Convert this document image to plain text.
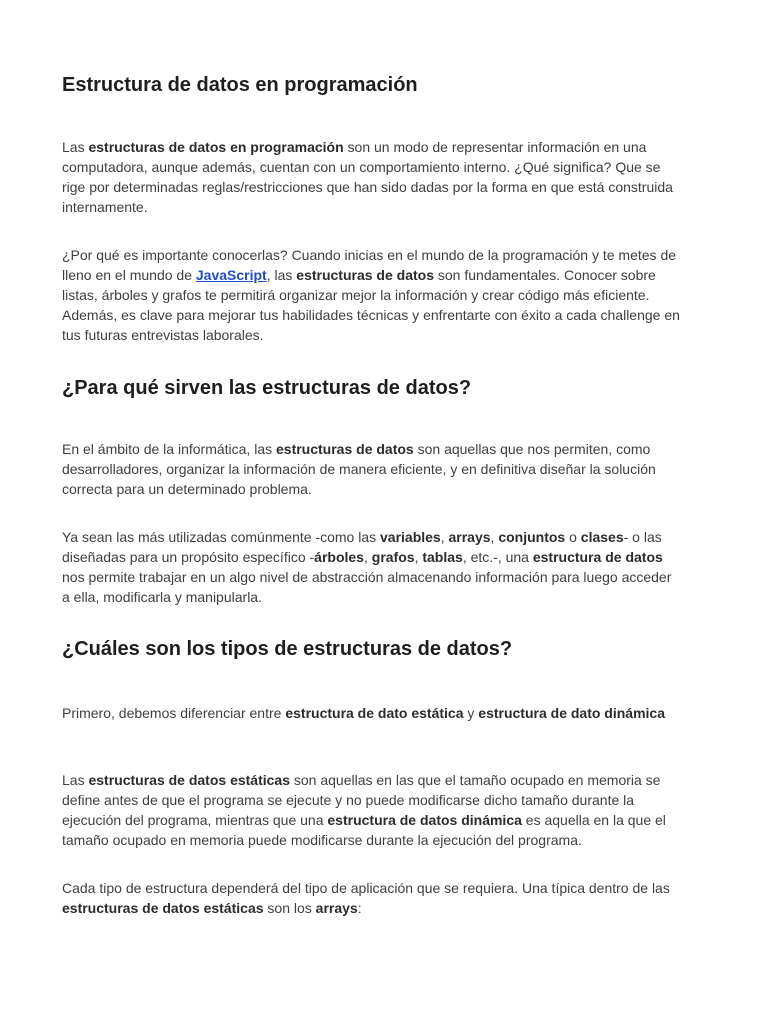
Estructura de datos en programación

Las estructuras de datos en programación son un modo de representar información en una computadora, aunque además, cuentan con un comportamiento interno. ¿Qué significa? Que se rige por determinadas reglas/restricciones que han sido dadas por la forma en que está construida internamente.

¿Por qué es importante conocerlas? Cuando inicias en el mundo de la programación y te metes de lleno en el mundo de JavaScript, las estructuras de datos son fundamentales. Conocer sobre listas, árboles y grafos te permitirá organizar mejor la información y crear código más eficiente. Además, es clave para mejorar tus habilidades técnicas y enfrentarte con éxito a cada challenge en tus futuras entrevistas laborales.

¿Para qué sirven las estructuras de datos?

En el ámbito de la informática, las estructuras de datos son aquellas que nos permiten, como desarrolladores, organizar la información de manera eficiente, y en definitiva diseñar la solución correcta para un determinado problema.

Ya sean las más utilizadas comúnmente -como las variables, arrays, conjuntos o clases- o las diseñadas para un propósito específico -árboles, grafos, tablas, etc.-, una estructura de datos nos permite trabajar en un algo nivel de abstracción almacenando información para luego acceder a ella, modificarla y manipularla.

¿Cuáles son los tipos de estructuras de datos?

Primero, debemos diferenciar entre estructura de dato estática y estructura de dato dinámica

Las estructuras de datos estáticas son aquellas en las que el tamaño ocupado en memoria se define antes de que el programa se ejecute y no puede modificarse dicho tamaño durante la ejecución del programa, mientras que una estructura de datos dinámica es aquella en la que el tamaño ocupado en memoria puede modificarse durante la ejecución del programa.

Cada tipo de estructura dependerá del tipo de aplicación que se requiera. Una típica dentro de las estructuras de datos estáticas son los arrays:
